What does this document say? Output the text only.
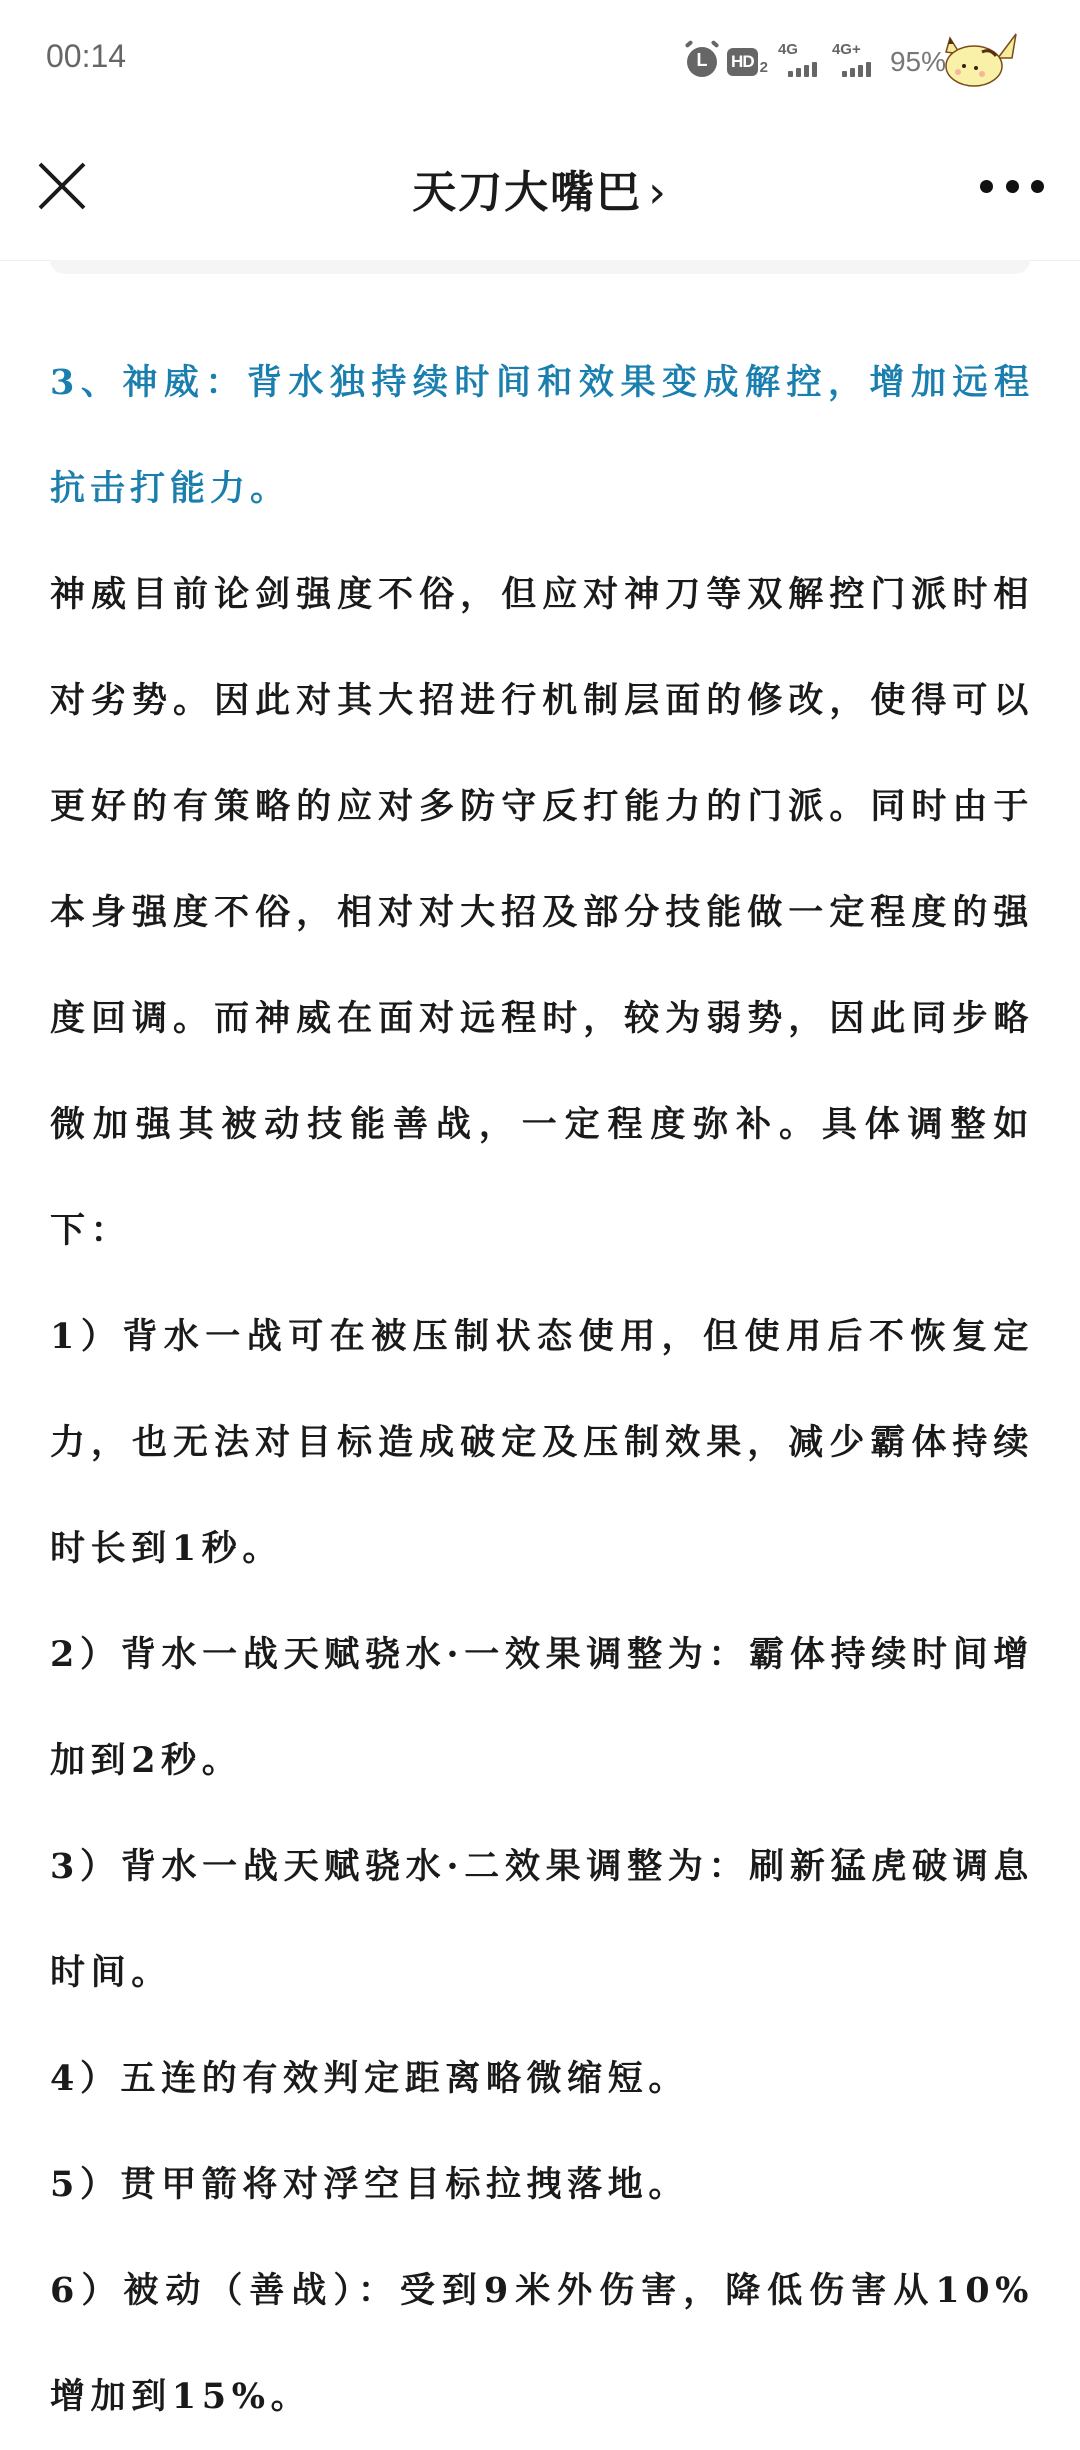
00:14	L	HD 2
4G 4G+ 95%
天刀大嘴巴 ›

3、神威：背水独持续时间和效果变成解控，增加远程抗击打能力。

神威目前论剑强度不俗，但应对神刀等双解控门派时相对劣势。因此对其大招进行机制层面的修改，使得可以更好的有策略的应对多防守反打能力的门派。同时由于本身强度不俗，相对对大招及部分技能做一定程度的强度回调。而神威在面对远程时，较为弱势，因此同步略微加强其被动技能善战，一定程度弥补。具体调整如下：

1）背水一战可在被压制状态使用，但使用后不恢复定力，也无法对目标造成破定及压制效果，减少霸体持续时长到1秒。

2）背水一战天赋骁水·一效果调整为：霸体持续时间增加到2秒。

3）背水一战天赋骁水·二效果调整为：刷新猛虎破调息时间。

4）五连的有效判定距离略微缩短。

5）贯甲箭将对浮空目标拉拽落地。

6）被动（善战）：受到9米外伤害，降低伤害从10%增加到15%。
